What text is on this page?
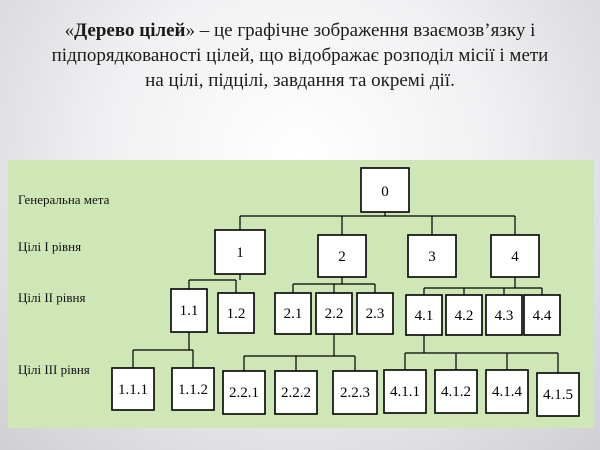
«Дерево цілей» – це графічне зображення взаємозв’язку і підпорядкованості цілей, що відображає розподіл місії і мети на цілі, підцілі, завдання та окремі дії.
Генеральна мета
Цілі І рівня
Цілі ІІ рівня
Цілі ІІІ рівня
0
1	2	3	4
1.1 1.2	2.1 2.2 2.3 4.1 4.2 4.3 4.4
1.1.1 1.1.2 2.2.1 2.2.2 2.2.3 4.1.1 4.1.2 4.1.4 4.1.5
